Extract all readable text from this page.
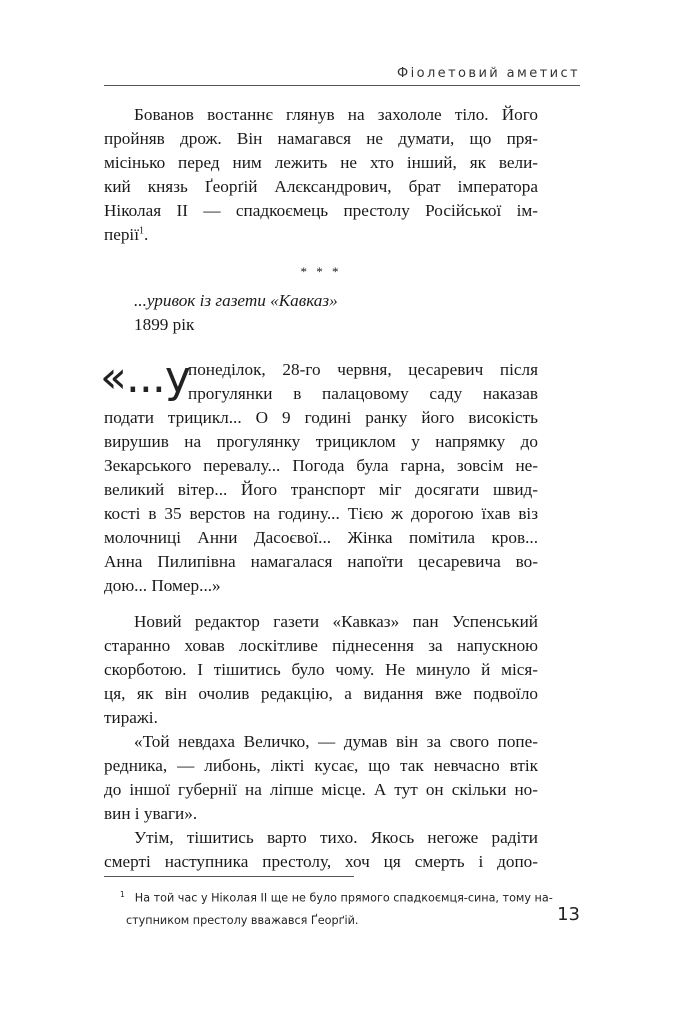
Фіолетовий аметист
Бованов востаннє глянув на захололе тіло. Його
пройняв дрож. Він намагався не думати, що пря-
місінько перед ним лежить не хто інший, як вели-
кий князь Ґеорґій Алєксандрович, брат імператора
Ніколая II — спадкоємець престолу Російської ім-
перії$^1$.
* * *
...уривок із газети «Кавказ»
1899 рік
«...у
понеділок, 28-го червня, цесаревич після
прогулянки в палацовому саду наказав
подати трицикл... О 9 годині ранку його високість
вирушив на прогулянку трициклом у напрямку до
Зекарського перевалу... Погода була гарна, зовсім не-
великий вітер... Його транспорт міг досягати швид-
кості в 35 верстов на годину... Тією ж дорогою їхав віз
молочниці Анни Дасоєвої... Жінка помітила кров...
Анна Пилипівна намагалася напоїти цесаревича во-
дою... Помер...»
Новий редактор газети «Кавказ» пан Успенський
старанно ховав лоскітливе піднесення за напускною
скорботою. І тішитись було чому. Не минуло й міся-
ця, як він очолив редакцію, а видання вже подвоїло
тиражі.
«Той невдаха Величко, — думав він за свого попе-
редника, — либонь, лікті кусає, що так невчасно втік
до іншої губернії на ліпше місце. А тут он скільки но-
вин і уваги».
Утім, тішитись варто тихо. Якось негоже радіти
смерті наступника престолу, хоч ця смерть і допо-
$^1$ На той час у Ніколая II ще не було прямого спадкоємця-сина, тому на-
ступником престолу вважався Ґеорґій.	13
